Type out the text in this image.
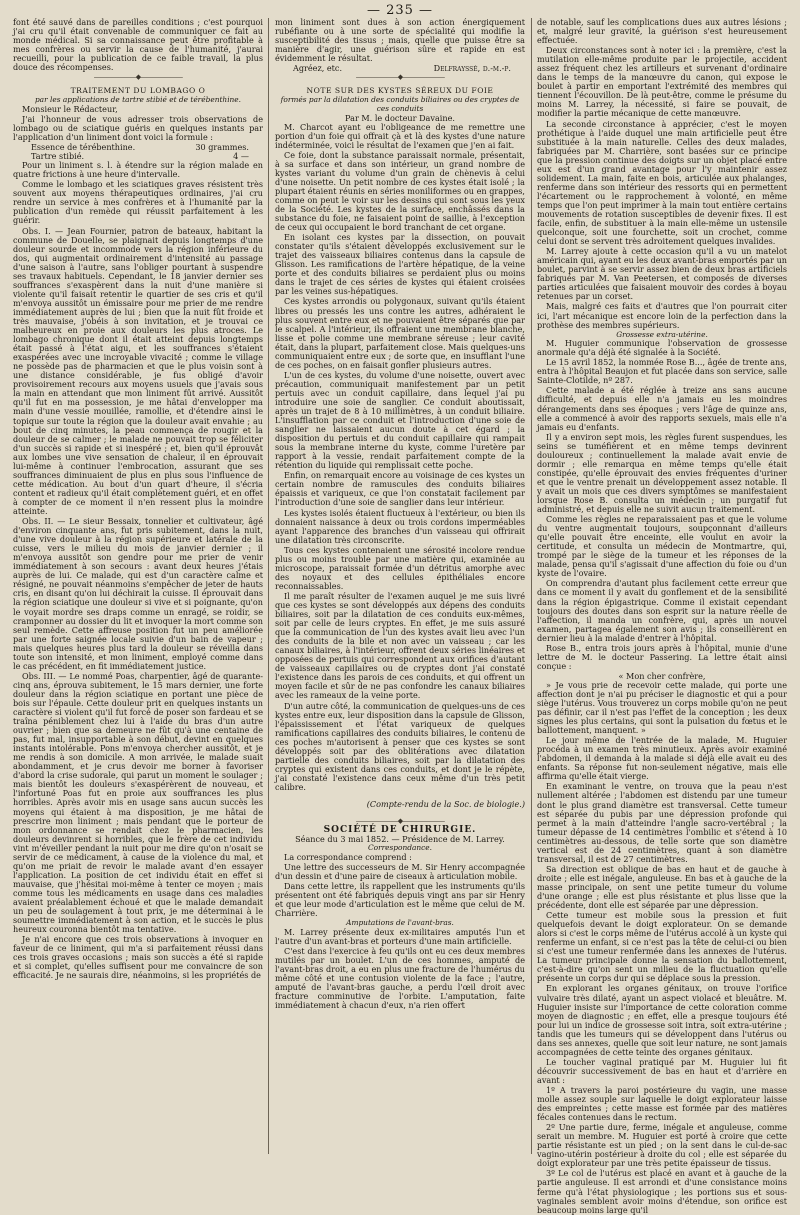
— 235 —

font été sauvé dans de pareilles conditions ; c'est pourquoi j'ai cru qu'il était convenable de communiquer ce fait au monde médical. Si sa connaissance peut être profitable à mes confrères ou servir la cause de l'humanité, j'aurai recueilli, pour la publication de ce faible travail, la plus douce des récompenses.

———————◆———————
TRAITEMENT DU LOMBAGO O
par les applications de tartre stibié et de térébenthine.

Monsieur le Rédacteur,

J'ai l'honneur de vous adresser trois observations de lombago ou de sciatique guéris en quelques instants par l'application d'un liniment dont voici la formule :

Essence de térébenthine.	30 grammes.
Tartre stibié.	4 —

Pour un liniment s. l. à étendre sur la région malade en quatre frictions à une heure d'intervalle.

Comme le lombago et les sciatiques graves résistent très souvent aux moyens thérapeutiques ordinaires, j'ai cru rendre un service à mes confrères et à l'humanité par la publication d'un remède qui réussit parfaitement à les guérir.

Obs. I. — Jean Fournier, patron de bateaux, habitant la commune de Douelle, se plaignait depuis longtemps d'une douleur sourde et incommode vers la région inférieure du dos, qui augmentait ordinairement d'intensité au passage d'une saison à l'autre, sans l'obliger pourtant à suspendre ses travaux habituels. Cependant, le 18 janvier dernier ses souffrances s'exaspèrent dans la nuit d'une manière si violente qu'il faisait retentir le quartier de ses cris et qu'il m'envoya aussitôt un émissaire pour me prier de me rendre immédiatement auprès de lui ; bien que la nuit fût froide et très mauvaise, j'obéis à son invitation, et je trouvai ce malheureux en proie aux douleurs les plus atroces. Le lombago chronique dont il était atteint depuis longtemps était passé à l'état aigu, et les souffrances s'étaient exaspérées avec une incroyable vivacité ; comme le village ne possède pas de pharmacien et que le plus voisin sont à une distance considérable, je fus obligé d'avoir provisoirement recours aux moyens usuels que j'avais sous la main en attendant que mon liniment fût arrivé. Aussitôt qu'il fut en ma possession, je me hâtai d'envelopper ma main d'une vessie mouillée, ramollie, et d'étendre ainsi le topique sur toute la région que la douleur avait envahie ; au bout de cinq minutes, la peau commença de rougir et la douleur de se calmer ; le malade ne pouvait trop se féliciter d'un succès si rapide et si inespéré ; et, bien qu'il éprouvât aux lombes une vive sensation de chaleur, il en éprouvait lui-même à continuer l'embrocation, assurant que ses souffrances diminuaient de plus en plus sous l'influence de cette médication. Au bout d'un quart d'heure, il s'écria content et radieux qu'il était complètement guéri, et en offet à compter de ce moment il n'en ressent plus la moindre atteinte.

Obs. II. — Le sieur Bessaix, tonnelier et cultivateur, âgé d'environ cinquante ans, fut pris subitement, dans la nuit, d'une vive douleur à la région supérieure et latérale de la cuisse, vers le milieu du mois de janvier dernier ; il m'envoya aussitôt son gendre pour me prier de venir immédiatement à son secours : avant deux heures j'étais auprès de lui. Ce malade, qui est d'un caractère calme et résigné, ne pouvait néanmoins s'empêcher de jeter de hauts cris, en disant qu'on lui déchirait la cuisse. Il éprouvait dans la région sciatique une douleur si vive et si poignante, qu'on le voyait mordre ses draps comme un enragé, se roidir, se cramponner au dossier du lit et invoquer la mort comme son seul remède. Cette affreuse position fut un peu améliorée par une forte saignée locale suivie d'un bain de vapeur ; mais quelques heures plus tard la douleur se réveilla dans toute son intensité, et mon liniment, employé comme dans le cas précédent, en fit immédiatement justice.

Obs. III. — Le nommé Poas, charpentier, âgé de quarante-cinq ans, éprouva subitement, le 15 mars dernier, une forte douleur dans la région sciatique en portant une pièce de bois sur l'épaule. Cette douleur prit en quelques instants un caractère si violent qu'il fut forcé de poser son fardeau et se traîna péniblement chez lui à l'aide du bras d'un autre ouvrier ; bien que sa demeure ne fût qu'à une centaine de pas, fut mal, insupportable à son début, devint en quelques instants intolérable. Pons m'envoya chercher aussitôt, et je me rendis à son domicile. A mon arrivée, le malade suait abondamment, et je crus devoir me borner à favoriser d'abord la crise sudorale, qui parut un moment le soulager ; mais bientôt les douleurs s'exaspérèrent de nouveau, et l'infortuné Poas fut en proie aux souffrances les plus horribles. Après avoir mis en usage sans aucun succès les moyens qui étaient à ma disposition, je me hâtai de prescrire mon liniment ; mais pendant que le porteur de mon ordonnance se rendait chez le pharmacien, les douleurs devinrent si horribles, que le frère de cet individu vint m'éveiller pendant la nuit pour me dire qu'on n'osait se servir de ce médicament, à cause de la violence du mal, et qu'on me priait de revoir le malade avant d'en essayer l'application. La position de cet individu était en effet si mauvaise, que j'hésitai moi-même à tenter ce moyen ; mais comme tous les médicaments en usage dans ces maladies avaient préalablement échoué et que le malade demandait un peu de soulagement à tout prix, je me déterminai à le soumettre immédiatement à son action, et le succès le plus heureux couronna bientôt ma tentative.

Je n'ai encore que ces trois observations à invoquer en faveur de ce liniment, qui m'a si parfaitement réussi dans ces trois graves occasions ; mais son succès a été si rapide et si complet, qu'elles suffisent pour me convaincre de son efficacité. Je ne saurais dire, néanmoins, si les propriétés de

mon liniment sont dues à son action énergiquement rubéfiante ou à une sorte de spécialité qui modifie la susceptibilité des tissus ; mais, quelle que puisse être sa manière d'agir, une guérison sûre et rapide en est évidemment le résultat.

Agréez, etc.	Delfrayssé, d.-m.-p.
———————◆———————
NOTE SUR DES KYSTES SÉREUX DU FOIE
formés par la dilatation des conduits biliaires ou des cryptes de ces conduits
Par M. le docteur Davaine.

M. Charcot ayant eu l'obligeance de me remettre une portion d'un foie qui offrait çà et là des kystes d'une nature indéterminée, voici le résultat de l'examen que j'en ai fait.

Ce foie, dont la substance paraissait normale, présentait, à sa surface et dans son intérieur, un grand nombre de kystes variant du volume d'un grain de chènevis à celui d'une noisette. Un petit nombre de ces kystes était isolé ; la plupart étaient réunis en séries moniliformes ou en grappes, comme on peut le voir sur les dessins qui sont sous les yeux de la Société. Les kystes de la surface, enchâssés dans la substance du foie, ne faisaient point de saillie, à l'exception de ceux qui occupaient le bord tranchant de cet organe.

En isolant ces kystes par la dissection, on pouvait constater qu'ils s'étaient développés exclusivement sur le trajet des vaisseaux biliaires contenus dans la capsule de Glisson. Les ramifications de l'artère hépatique, de la veine porte et des conduits biliaires se perdaient plus ou moins dans le trajet de ces séries de kystes qui étaient croisées par les veines sus-hépatiques.

Ces kystes arrondis ou polygonaux, suivant qu'ils étaient libres ou pressés les uns contre les autres, adhéraient le plus souvent entre eux et ne pouvaient être séparés que par le scalpel. A l'intérieur, ils offraient une membrane blanche, lisse et polie comme une membrane séreuse ; leur cavité était, dans la plupart, parfaitement close. Mais quelques-uns communiquaient entre eux ; de sorte que, en insufflant l'une de ces poches, on en faisait gonfler plusieurs autres.

L'un de ces kystes, du volume d'une noisette, ouvert avec précaution, communiquait manifestement par un petit pertuis avec un conduit capillaire, dans lequel j'ai pu introduire une soie de sanglier. Ce conduit aboutissait, après un trajet de 8 à 10 millimètres, à un conduit biliaire. L'insufflation par ce conduit et l'introduction d'une soie de sanglier ne laissaient aucun doute à cet égard ; la disposition du pertuis et du conduit capillaire qui rampait sous la membrane interne du kyste, comme l'uretère par rapport à la vessie, rendait parfaitement compte de la rétention du liquide qui remplissait cette poche.

Enfin, on remarquait encore au voisinage de ces kystes un certain nombre de ramuscules des conduits biliaires épaissis et variqueux, ce que l'on constatait facilement par l'introduction d'une soie de sanglier dans leur intérieur.

Les kystes isolés étaient fluctueux à l'extérieur, ou bien ils donnaient naissance à deux ou trois cordons imperméables ayant l'apparence des branches d'un vaisseau qui offrirait une dilatation très circonscrite.

Tous ces kystes contenaient une sérosité incolore rendue plus ou moins trouble par une matière qui, examinée au microscope, paraissait formée d'un détritus amorphe avec des noyaux et des cellules épithéliales encore reconnaissables.

Il me paraît résulter de l'examen auquel je me suis livré que ces kystes se sont développés aux dépens des conduits biliaires, soit par la dilatation de ces conduits eux-mêmes, soit par celle de leurs cryptes. En effet, je me suis assuré que la communication de l'un des kystes avait lieu avec l'un des conduits de la bile et non avec un vaisseau ; car les canaux biliaires, à l'intérieur, offrent deux séries linéaires et opposées de pertuis qui correspondent aux orifices d'autant de vaisseaux capillaires ou de cryptes dont j'ai constaté l'existence dans les parois de ces conduits, et qui offrent un moyen facile et sûr de ne pas confondre les canaux biliaires avec les rameaux de la veine porte.

D'un autre côté, la communication de quelques-uns de ces kystes entre eux, leur disposition dans la capsule de Glisson, l'épaississement et l'état variqueux de quelques ramifications capillaires des conduits biliaires, le contenu de ces poches m'autorisent à penser que ces kystes se sont développés soit par des oblitérations avec dilatation partielle des conduits biliaires, soit par la dilatation des cryptes qui existent dans ces conduits, et dont je le répète, j'ai constaté l'existence dans ceux même d'un très petit calibre.

(Compte-rendu de la Soc. de biologie.)

———————◆———————
SOCIÉTÉ DE CHIRURGIE.
Séance du 3 mai 1852. — Présidence de M. Larrey.
Correspondance.

La correspondance comprend :

Une lettre des successeurs de M. Sir Henry accompagnée d'un dessin et d'une paire de ciseaux à articulation mobile.

Dans cette lettre, ils rappellent que les instruments qu'ils présentent ont été fabriqués depuis vingt ans par sir Henry et que leur mode d'articulation est le même que celui de M. Charrière.

Amputations de l'avant-bras.

M. Larrey présente deux ex-militaires amputés l'un et l'autre d'un avant-bras et porteurs d'une main artificielle.

C'est dans l'exercice à feu qu'ils ont eu ces deux membres mutilés par un boulet. L'un de ces hommes, amputé de l'avant-bras droit, a eu en plus une fracture de l'humérus du même côté et une contusion violente de la face ; l'autre, amputé de l'avant-bras gauche, a perdu l'œil droit avec fracture comminutive de l'orbite. L'amputation, faite immédiatement à chacun d'eux, n'a rien offert

de notable, sauf les complications dues aux autres lésions ; et, malgré leur gravité, la guérison s'est heureusement effectuée.

Deux circonstances sont à noter ici : la première, c'est la mutilation elle-même produite par le projectile, accident assez fréquent chez les artilleurs et survenant d'ordinaire dans le temps de la manœuvre du canon, qui expose le boulet à partir en emportant l'extrémité des membres qui tiennent l'écouvillon. De là peut-être, comme le présume du moins M. Larrey, la nécessité, si faire se pouvait, de modifier la partie mécanique de cette manœuvre.

La seconde circonstance à apprécier, c'est le moyen prothétique à l'aide duquel une main artificielle peut être substituée à la main naturelle. Celles des deux malades, fabriquées par M. Charrière, sont basées sur ce principe que la pression continue des doigts sur un objet placé entre eux est d'un grand avantage pour l'y maintenir assez solidement. La main, faite en bois, articulée aux phalanges, renferme dans son intérieur des ressorts qui en permettent l'écartement ou le rapprochement à volonté, en même temps que l'on peut imprimer à la main tout entière certains mouvements de rotation susceptibles de devenir fixes. Il est facile, enfin, de substituer à la main elle-même un ustensile quelconque, soit une fourchette, soit un crochet, comme celui dont se servent très adroitement quelques invalides.

M. Larrey ajoute à cette occasion qu'il a vu un matelot américain qui, ayant eu les deux avant-bras emportés par un boulet, parvint à se servir assez bien de deux bras artificiels fabriqués par M. Van Peetersen, et composés de diverses parties articulées que faisaient mouvoir des cordes à boyau retenues par un corset.

Mais, malgré ces faits et d'autres que l'on pourrait citer ici, l'art mécanique est encore loin de la perfection dans la prothèse des membres supérieurs.

Grossesse extra-utérine.

M. Huguier communique l'observation de grossesse anormale qu'a déjà été signalée à la Société.

Le 15 avril 1852, la nommée Rose B..., âgée de trente ans, entra à l'hôpital Beaujon et fut placée dans son service, salle Sainte-Clotilde, nº 287.

Cette malade a été réglée à treize ans sans aucune difficulté, et depuis elle n'a jamais eu les moindres dérangements dans ses époques ; vers l'âge de quinze ans, elle a commencé à avoir des rapports sexuels, mais elle n'a jamais eu d'enfants.

Il y a environ sept mois, les règles furent suspendues, les seins se tuméfièrent et en même temps devinrent douloureux ; continuellement la malade avait envie de dormir ; elle remarqua en même temps qu'elle était constipée, qu'elle éprouvait des envies fréquentes d'uriner et que le ventre prenait un développement assez notable. Il y avait un mois que ces divers symptômes se manifestaient lorsque Rose B. consulta un médecin ; un purgatif fut administré, et depuis elle ne suivit aucun traitement.

Comme les règles ne reparaissaient pas et que le volume du ventre augmentait toujours, soupçonnant d'ailleurs qu'elle pouvait être enceinte, elle voulut en avoir la certitude, et consulta un médecin de Montmartre, qui, trompé par le siège de la tumeur et les réponses de la malade, pensa qu'il s'agissait d'une affection du foie ou d'un kyste de l'ovaire.

On comprendra d'autant plus facilement cette erreur que dans ce moment il y avait du gonflement et de la sensibilité dans la région épigastrique. Comme il existait cependant toujours des doutes dans son esprit sur la nature réelle de l'affection, il manda un confrère, qui, après un nouvel examen, partagea également son avis ; ils conseillèrent en dernier lieu à la malade d'entrer à l'hôpital.

Rose B., entra trois jours après à l'hôpital, munie d'une lettre de M. le docteur Passering. La lettre était ainsi conçue :

« Mon cher confrère,

» Je vous prie de recevoir cette malade, qui porte une affection dont je n'ai pu préciser le diagnostic et qui a pour siège l'utérus. Vous trouverez un corps mobile qu'on ne peut pas définir, car il n'est pas l'effet de la conception ; les deux signes les plus certains, qui sont la pulsation du fœtus et le ballottement, manquent. »

Le jour même de l'entrée de la malade, M. Huguier procéda à un examen très minutieux. Après avoir examiné l'abdomen, il demanda à la malade si déjà elle avait eu des enfants. Sa réponse fut non-seulement négative, mais elle affirma qu'elle était vierge.

En examinant le ventre, on trouva que la peau n'est nullement altérée ; l'abdomen est distendu par une tumeur dont le plus grand diamètre est transversal. Cette tumeur est séparée du pubis par une dépression profonde qui permet à la main d'atteindre l'angle sacro-vertébral ; la tumeur dépasse de 14 centimètres l'ombilic et s'étend à 10 centimètres au-dessous, de telle sorte que son diamètre vertical est de 24 centimètres, quant à son diamètre transversal, il est de 27 centimètres.

Sa direction est oblique de bas en haut et de gauche à droite ; elle est inégale, anguleuse. En bas et à gauche de la masse principale, on sent une petite tumeur du volume d'une orange ; elle est plus résistante et plus lisse que la précédente, dont elle est séparée par une dépression.

Cette tumeur est mobile sous la pression et fuit quelquefois devant le doigt explorateur. On se demande alors si c'est le corps même de l'utérus accolé à un kyste qui renferme un enfant, si ce n'est pas la tête de celui-ci ou bien si c'est une tumeur renfermée dans les annexes de l'utérus. La tumeur principale donne la sensation du ballottement, c'est-à-dire qu'on sent un milieu de la fluctuation qu'elle présente un corps dur qui se déplace sous la pression.

En explorant les organes génitaux, on trouve l'orifice vulvaire très dilaté, ayant un aspect violacé et bleuâtre. M. Huguier insiste sur l'importance de cette coloration comme moyen de diagnostic ; en effet, elle a presque toujours été pour lui un indice de grossesse soit intra, soit extra-utérine ; tandis que les tumeurs qui se développent dans l'utérus ou dans ses annexes, quelle que soit leur nature, ne sont jamais accompagnées de cette teinte des organes génitaux.

Le toucher vaginal pratiqué par M. Huguier lui fit découvrir successivement de bas en haut et d'arrière en avant :

1º A travers la paroi postérieure du vagin, une masse molle assez souple sur laquelle le doigt explorateur laisse des empreintes ; cette masse est formée par des matières fécales contenues dans le rectum.

2º Une partie dure, ferme, inégale et anguleuse, comme serait un membre. M. Huguier est porté à croire que cette partie résistante est un pied ; on la sent dans le cul-de-sac vagino-utérin postérieur à droite du col ; elle est séparée du doigt explorateur par une très petite épaisseur de tissus.

3º Le col de l'utérus est placé en avant et à gauche de la partie anguleuse. Il est arrondi et d'une consistance moins ferme qu'à l'état physiologique ; les portions sus et sous-vaginales semblent avoir moins d'étendue, son orifice est beaucoup moins large qu'il
